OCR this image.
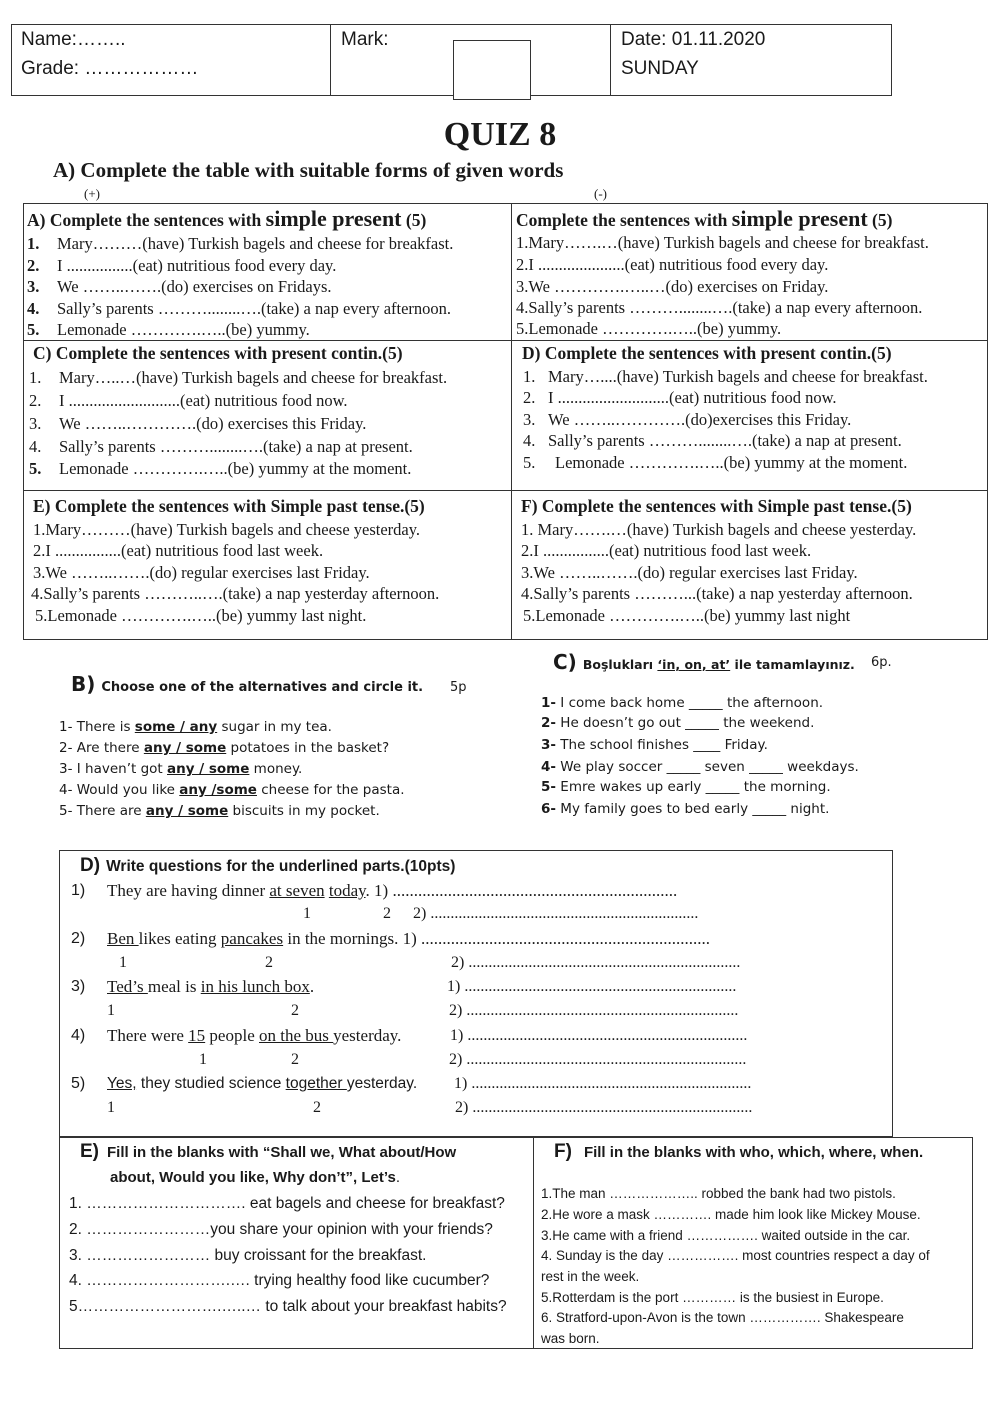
Name:……..
Grade: ………………
Mark:	Date: 01.11.2020
SUNDAY
QUIZ 8
A) Complete the table with suitable forms of given words
(+)	(-)
A) Complete the sentences with simple present (5)
1. Mary………(have) Turkish bagels and cheese for breakfast.
2. I ................(eat) nutritious food every day.
3. We ……..…….(do) exercises on Fridays.
4. Sally’s parents ………........….(take) a nap every afternoon.
5. Lemonade ………….…..(be) yummy.
Complete the sentences with simple present (5)
1.Mary…….…(have) Turkish bagels and cheese for breakfast.
2.I .....................(eat) nutritious food every day.
3.We ………….…..…(do) exercises on Friday.
4.Sally’s parents ………........….(take) a nap every afternoon.
5.Lemonade ………….…..(be) yummy.
C) Complete the sentences with present contin.(5)
1. Mary…..…(have) Turkish bagels and cheese for breakfast.
2. I ...........................(eat) nutritious food now.
3. We ……..………….(do) exercises this Friday.
4. Sally’s parents ………........….(take) a nap at present.
5. Lemonade ………….…..(be) yummy at the moment.
D) Complete the sentences with present contin.(5)
1. Mary…....(have) Turkish bagels and cheese for breakfast.
2. I ...........................(eat) nutritious food now.
3. We ……..………….(do)exercises this Friday.
4. Sally’s parents ………........….(take) a nap at present.
5. Lemonade ………….…..(be) yummy at the moment.
E) Complete the sentences with Simple past tense.(5)
1.Mary………(have) Turkish bagels and cheese yesterday.
2.I ................(eat) nutritious food last week.
3.We ……..…….(do) regular exercises last Friday.
4.Sally’s parents ………..….(take) a nap yesterday afternoon.
5.Lemonade ………….…..(be) yummy last night.
F) Complete the sentences with Simple past tense.(5)
1. Mary…….…(have) Turkish bagels and cheese yesterday.
2.I ................(eat) nutritious food last week.
3.We ……..…….(do) regular exercises last Friday.
4.Sally’s parents ………...(take) a nap yesterday afternoon.
5.Lemonade ………….…..(be) yummy last night
B) Choose one of the alternatives and circle it. 5p
1- There is some / any sugar in my tea.
2- Are there any / some potatoes in the basket?
3- I haven’t got any / some money.
4- Would you like any /some cheese for the pasta.
5- There are any / some biscuits in my pocket.
C) Boşlukları ‘in, on, at’ ile tamamlayınız. 6p.
1- I come back home _____ the afternoon.
2- He doesn’t go out _____ the weekend.
3- The school finishes ____ Friday.
4- We play soccer _____ seven _____ weekdays.
5- Emre wakes up early _____ the morning.
6- My family goes to bed early _____ night.
D) Write questions for the underlined parts.(10pts)
1) They are having dinner at seven today. 1) ...................................................................
1	2 2) ...................................................................
2) Ben likes eating pancakes in the mornings. 1) ....................................................................
1	2	2) ....................................................................
3) Ted’s meal is in his lunch box.	1) ....................................................................
1	2	2) ....................................................................
4) There were 15 people on the bus yesterday.	1) ......................................................................
1	2	2) ......................................................................
5) Yes, they studied science together yesterday. 1) ......................................................................
1	2	2) ......................................................................
E) Fill in the blanks with “Shall we, What about/How
about, Would you like, Why don’t”, Let’s.
1. …………………………. eat bagels and cheese for breakfast?
2. ……………………you share your opinion with your friends?
3. …………………… buy croissant for the breakfast.
4. ……………………….…. trying healthy food like cucumber?
5……………………….…..… to talk about your breakfast habits?
F) Fill in the blanks with who, which, where, when.
1.The man ……………….. robbed the bank had two pistols.
2.He wore a mask …………. made him look like Mickey Mouse.
3.He came with a friend ……………. waited outside in the car.
4. Sunday is the day ……………. most countries respect a day of
rest in the week.
5.Rotterdam is the port ………… is the busiest in Europe.
6. Stratford-upon-Avon is the town ……………. Shakespeare
was born.
